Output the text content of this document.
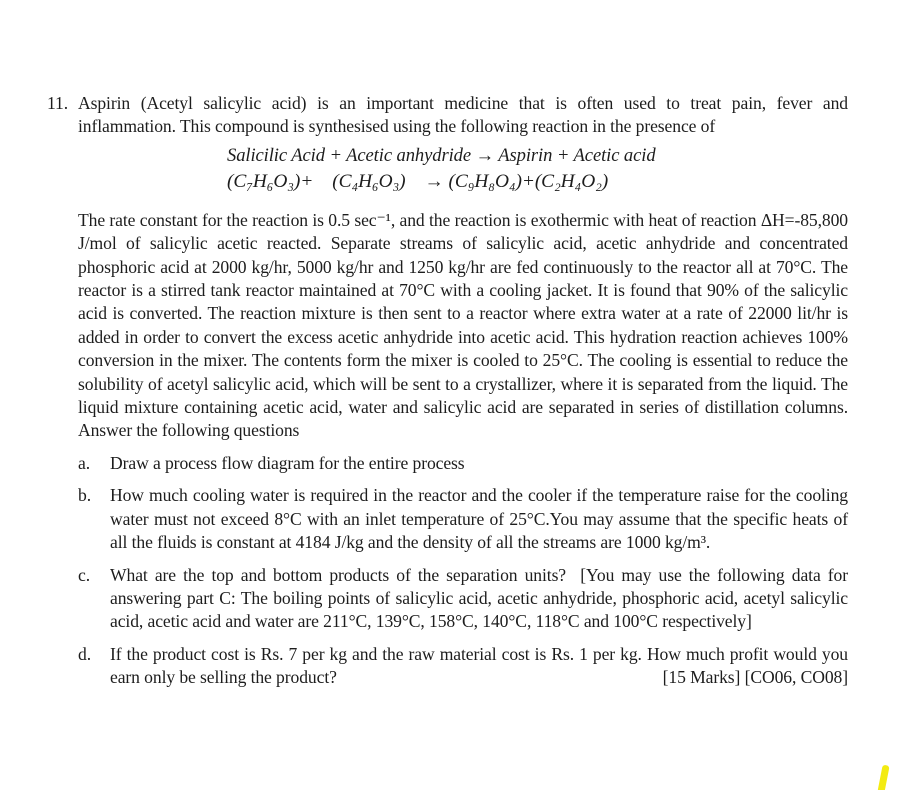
11. Aspirin (Acetyl salicylic acid) is an important medicine that is often used to treat pain, fever and inflammation. This compound is synthesised using the following reaction in the presence of

Salicilic Acid + Acetic anhydride → Aspirin + Acetic acid
(C₇H₆O₃)+    (C₄H₆O₃)    → (C₉H₈O₄)+(C₂H₄O₂)

The rate constant for the reaction is 0.5 sec⁻¹, and the reaction is exothermic with heat of reaction ΔH=-85,800 J/mol of salicylic acetic reacted. Separate streams of salicylic acid, acetic anhydride and concentrated phosphoric acid at 2000 kg/hr, 5000 kg/hr and 1250 kg/hr are fed continuously to the reactor all at 70°C. The reactor is a stirred tank reactor maintained at 70°C with a cooling jacket. It is found that 90% of the salicylic acid is converted. The reaction mixture is then sent to a reactor where extra water at a rate of 22000 lit/hr is added in order to convert the excess acetic anhydride into acetic acid. This hydration reaction achieves 100% conversion in the mixer. The contents form the mixer is cooled to 25°C. The cooling is essential to reduce the solubility of acetyl salicylic acid, which will be sent to a crystallizer, where it is separated from the liquid. The liquid mixture containing acetic acid, water and salicylic acid are separated in series of distillation columns. Answer the following questions

a. Draw a process flow diagram for the entire process
b. How much cooling water is required in the reactor and the cooler if the temperature raise for the cooling water must not exceed 8°C with an inlet temperature of 25°C.You may assume that the specific heats of all the fluids is constant at 4184 J/kg and the density of all the streams are 1000 kg/m³.
c. What are the top and bottom products of the separation units?  [You may use the following data for answering part C: The boiling points of salicylic acid, acetic anhydride, phosphoric acid, acetyl salicylic acid, acetic acid and water are 211°C, 139°C, 158°C, 140°C, 118°C and 100°C respectively]
d. If the product cost is Rs. 7 per kg and the raw material cost is Rs. 1 per kg. How much profit would you earn only be selling the product?	[15 Marks] [CO06, CO08]
